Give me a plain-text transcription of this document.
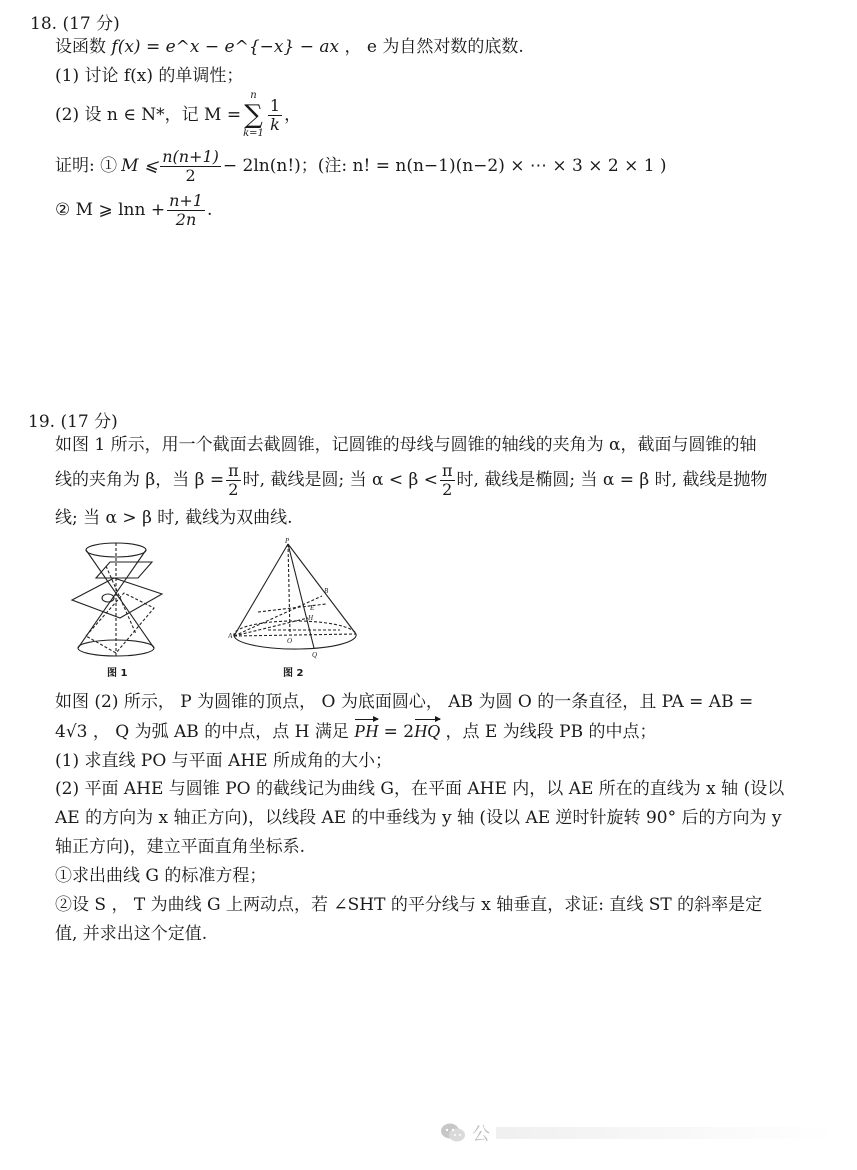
18. (17 分)
设函数 f(x) = e^x − e^{−x} − ax ， e 为自然对数的底数.
(1) 讨论 f(x) 的单调性；
(2) 设 n ∈ N*，记 M =
n
∑
$k=1 \frac{1}{k}$ ，
证明: ① M ⩽ $\frac{n(n+1)}{2} - 2\ln(n!)$；(注: n! = n(n−1)(n−2) × ⋯ × 3 × 2 × 1 )
② M ⩾ $\ln n + \frac{n+1}{2n}$ .
19. (17 分)
如图 1 所示，用一个截面去截圆锥，记圆锥的母线与圆锥的轴线的夹角为 α，截面与圆锥的轴
线的夹角为 β，当 $\beta = \frac{\pi}{2}$ 时, 截线是圆; 当 $\alpha < \beta < \frac{\pi}{2}$ 时, 截线是椭圆; 当 α = β 时, 截线是抛物
线; 当 α > β 时, 截线为双曲线.
图 1
P
A
B
O
Q
H
E
图 2
如图 (2) 所示， P 为圆锥的顶点， O 为底面圆心， AB 为圆 O 的一条直径，且 PA = AB =
4√3 ， Q 为弧 AB 的中点，点 H 满足 PH = 2HQ ，点 E 为线段 PB 的中点；
(1) 求直线 PO 与平面 AHE 所成角的大小；
(2) 平面 AHE 与圆锥 PO 的截线记为曲线 G，在平面 AHE 内，以 AE 所在的直线为 x 轴 (设以
AE 的方向为 x 轴正方向)，以线段 AE 的中垂线为 y 轴 (设以 AE 逆时针旋转 90° 后的方向为 y
轴正方向)，建立平面直角坐标系.
①求出曲线 G 的标准方程；
②设 S ， T 为曲线 G 上两动点，若 ∠SHT 的平分线与 x 轴垂直，求证: 直线 ST 的斜率是定
值, 并求出这个定值.
公
